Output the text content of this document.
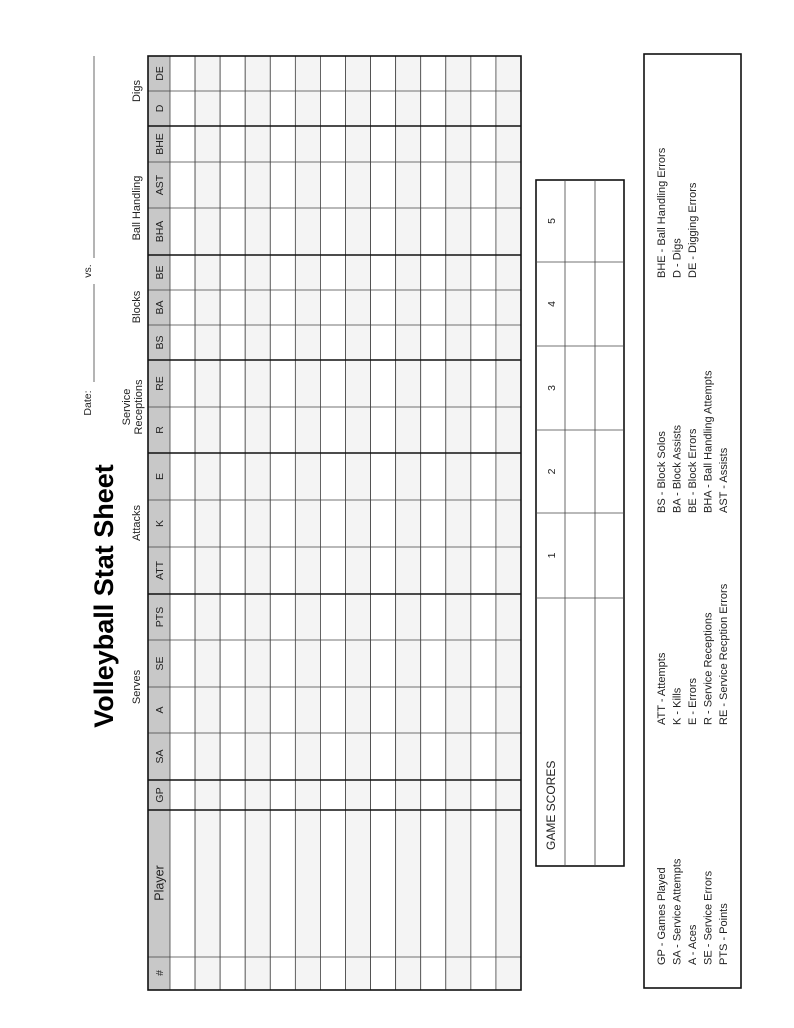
Volleyball Stat Sheet
Date:
vs.
Serves
Attacks
Service Receptions
Blocks
Ball Handling
Digs
SA
A
SE
PTS
ATT
K
E
R
RE
BS
BA
BE
BHA
AST
BHE
D
DE
#
Player
GP
1
2
3
4
5
GAME SCORES
GP - Games Played SA - Service Attempts A - Aces SE - Service Errors PTS - Points
ATT - Attempts K - Kills E - Errors R - Service Receptions RE - Service Recption Errors
BS - Block Solos BA - Block Assists BE - Block Errors BHA - Ball Handling Attempts AST - Assists
BHE - Ball Handling Errors D - Digs DE - Digging Errors
